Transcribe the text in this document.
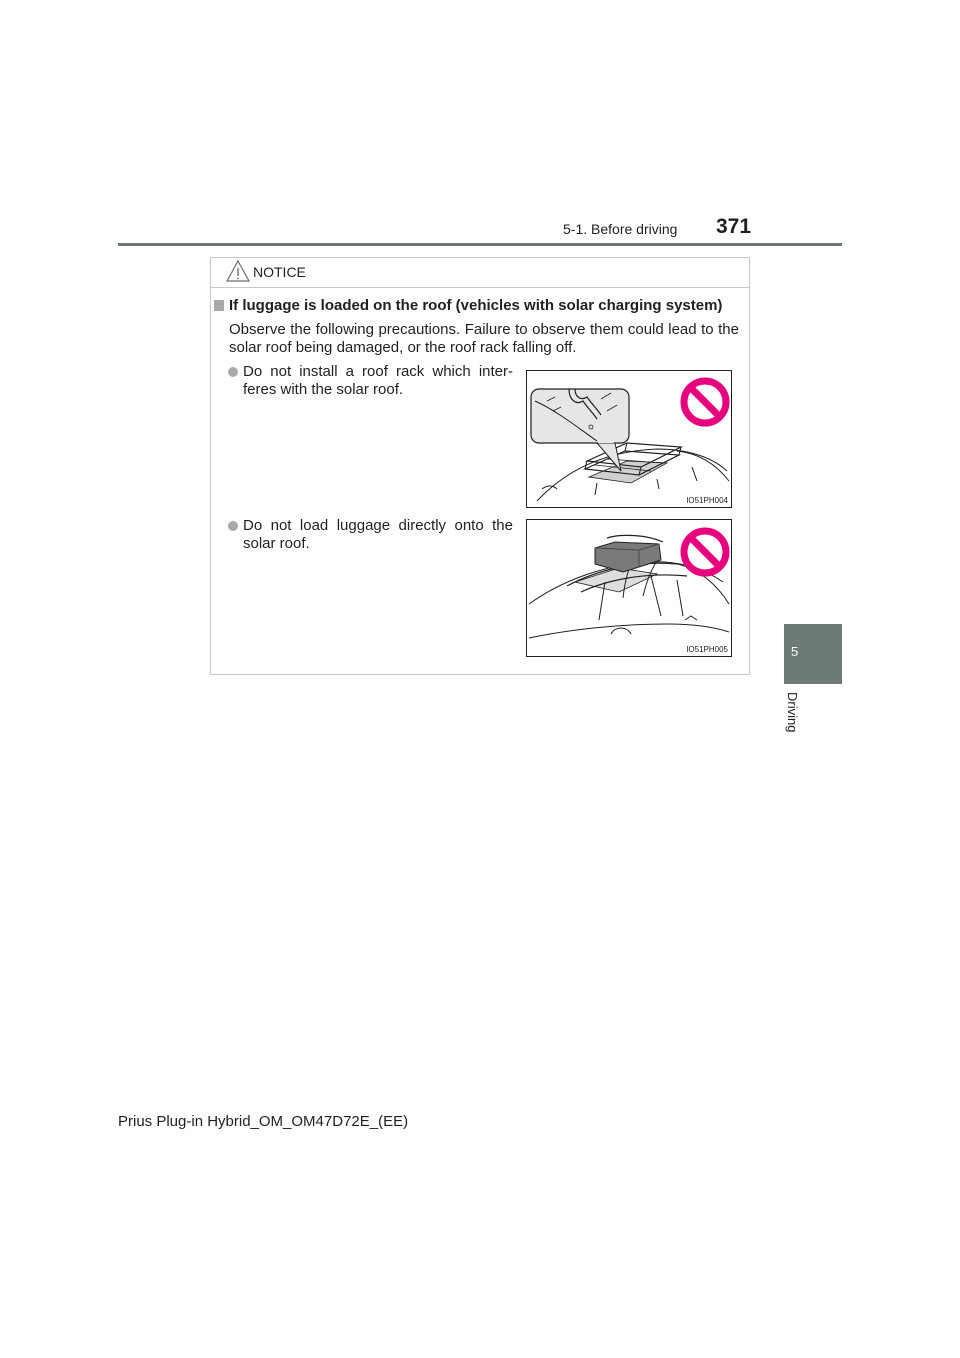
5-1. Before driving 371
5
Driving
NOTICE
If luggage is loaded on the roof (vehicles with solar charging system)
Observe the following precautions. Failure to observe them could lead to the solar roof being damaged, or the roof rack falling off.
Do not install a roof rack which inter- feres with the solar roof.
IO51PH004
Do not load luggage directly onto the solar roof.
IO51PH005
Prius Plug-in Hybrid_OM_OM47D72E_(EE)
